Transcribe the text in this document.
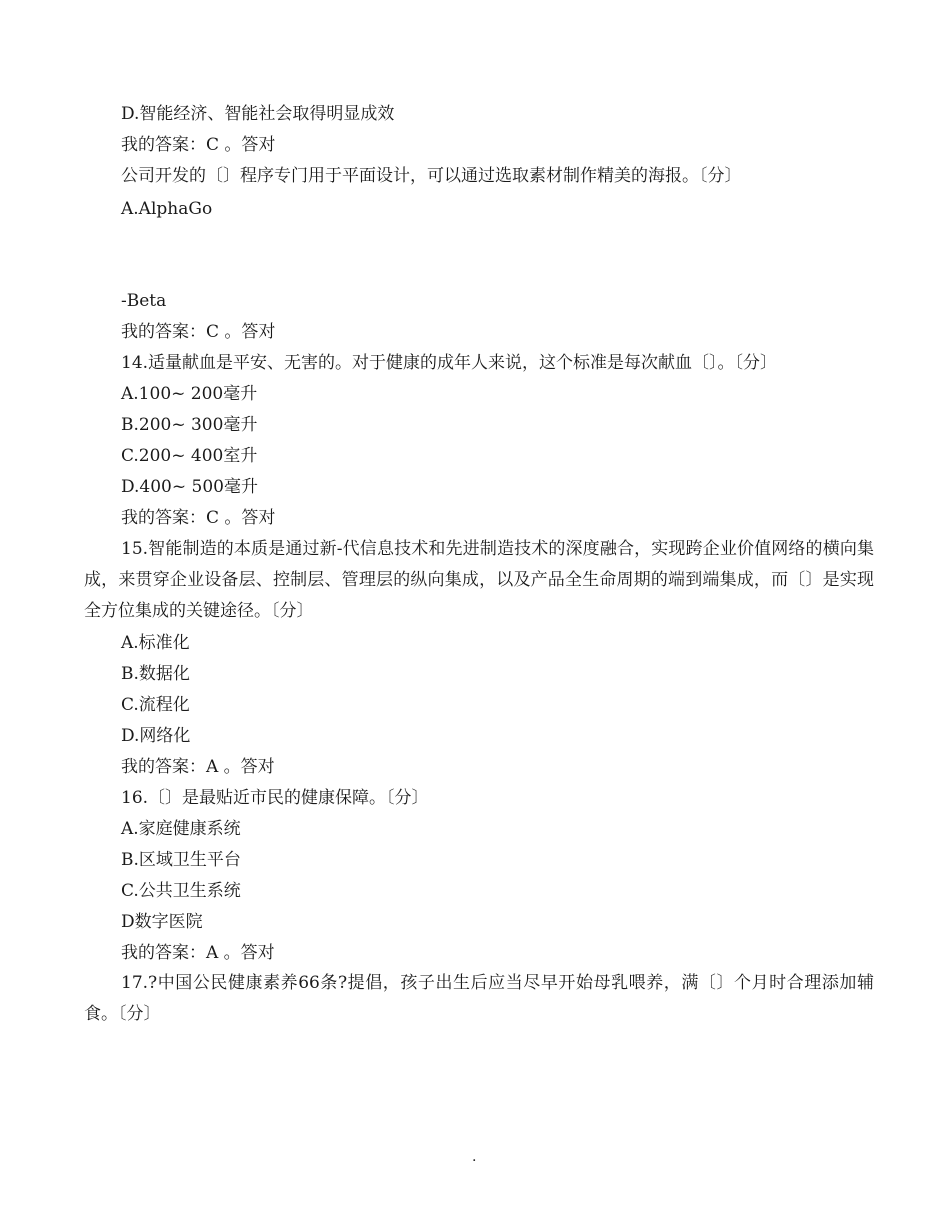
D.智能经济、智能社会取得明显成效
我的答案：C 。答对
公司开发的〔〕程序专门用于平面设计，可以通过选取素材制作精美的海报。〔分〕
A.AlphaGo
-Beta
我的答案：C 。答对
14.适量献血是平安、无害的。对于健康的成年人来说，这个标准是每次献血〔〕。〔分〕
A.100~ 200毫升
B.200~ 300毫升
C.200~ 400室升
D.400~ 500毫升
我的答案：C 。答对
15.智能制造的本质是通过新-代信息技术和先进制造技术的深度融合，实现跨企业价值网络的横向集成，来贯穿企业设备层、控制层、管理层的纵向集成，以及产品全生命周期的端到端集成，而〔〕是实现全方位集成的关键途径。〔分〕
A.标准化
B.数据化
C.流程化
D.网络化
我的答案：A 。答对
16.〔〕是最贴近市民的健康保障。〔分〕
A.家庭健康系统
B.区域卫生平台
C.公共卫生系统
D数字医院
我的答案：A 。答对
17.?中国公民健康素养66条?提倡，孩子出生后应当尽早开始母乳喂养，满〔〕个月时合理添加辅食。〔分〕
.
